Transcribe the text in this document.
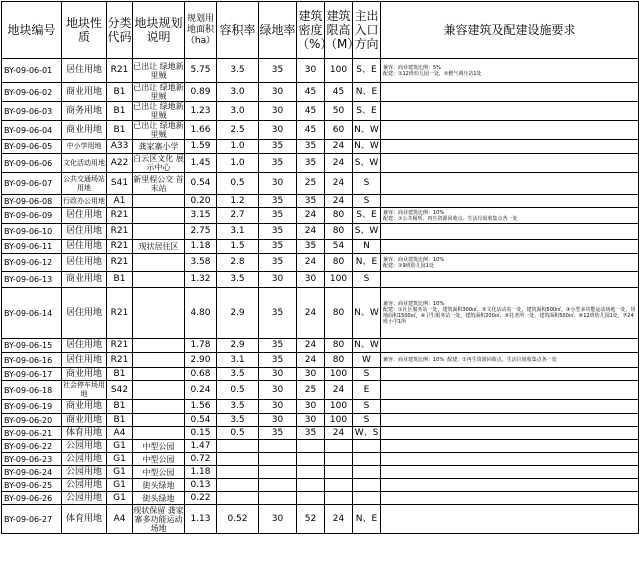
地块编号	地块性质	分类代码	地块规划说明	规划用地面积（ha）	容积率	绿地率	建筑密度（%）	建筑限高（M）	主出入口方向	兼容建筑及配建设施要求
BY-09-06-01	居住用地	R21	已出让 绿地新里贼	5.75	3.5	35	30	100	S、E	兼容：商业建筑比例：5%
配建：①12班幼儿园一处，②燃气调压站1处
BY-09-06-02	商业用地	B1	已出让 绿地新里贼	0.89	3.0	30	45	45	N、E	
BY-09-06-03	商务用地	B1	已出让 绿地新里贼	1.23	3.0	30	45	50	S、E	
BY-09-06-04	商业用地	B1	已出让 绿地新里贼	1.66	2.5	30	45	60	N、W	
BY-09-06-05	中小学用地	A33	龚家寨小学	1.59	1.0	35	35	24	N、W	
BY-09-06-06	文化活动用地	A22	白云区文化 展示中心	1.45	1.0	35	35	24	S、W	
BY-09-06-07	公共交通场站用地	S41	新里程公交 首末站	0.54	0.5	30	25	24	S	
BY-09-06-08	行政办公用地	A1		0.20	1.2	35	35	24	S	
BY-09-06-09	居住用地	R21		3.15	2.7	35	24	80	S、E	兼容：商业建筑比例：10%
配建：①公共厕所、再生资源回收点、生活垃圾收集点各一处
BY-09-06-10	居住用地	R21		2.75	3.1	35	24	80	S、W	
BY-09-06-11	居住用地	R21	现状居住区	1.18	1.5	35	35	54	N	
BY-09-06-12	居住用地	R21		3.58	2.8	35	24	80	N、E	兼容：商业建筑比例：10%
配建：①9班幼儿园1处
BY-09-06-13	商业用地	B1		1.32	3.5	30	30	100	S	
BY-09-06-14	居住用地	R21		4.80	2.9	35	24	80	N、W	兼容：商业建筑比例：10%
配建：①社区服务站一处，建筑面积300㎡，②文化活动站一处，建筑面积500㎡，③小型多功能运动场地一处，用地面积1500㎡，④卫生服务站一处，建筑面积200㎡，⑤托老所一处，建筑面积500㎡，⑥12班幼儿园1处，⑦24班小学1所
BY-09-06-15	居住用地	R21		1.78	2.9	35	24	80	N、W	
BY-09-06-16	居住用地	R21		2.90	3.1	35	24	80	W	兼容：商业建筑比例：10%  配建：①再生资源回收点、生活垃圾收集点各一处
BY-09-06-17	商业用地	B1		0.68	3.5	30	30	100	S	
BY-09-06-18	社会停车场用地	S42		0.24	0.5	30	25	24	E	
BY-09-06-19	商业用地	B1		1.56	3.5	30	30	100	S	
BY-09-06-20	商业用地	B1		0.54	3.5	30	30	100	S	
BY-09-06-21	体育用地	A4		0.15	0.5	35	35	24	W、S	
BY-09-06-22	公园用地	G1	中型公园	1.47						
BY-09-06-23	公园用地	G1	中型公园	0.72						
BY-09-06-24	公园用地	G1	中型公园	1.18						
BY-09-06-25	公园用地	G1	街头绿地	0.13						
BY-09-06-26	公园用地	G1	街头绿地	0.22						
BY-09-06-27	体育用地	A4	现状保留 龚家寨多功能运动场地	1.13	0.52	30	52	24	N、E	
